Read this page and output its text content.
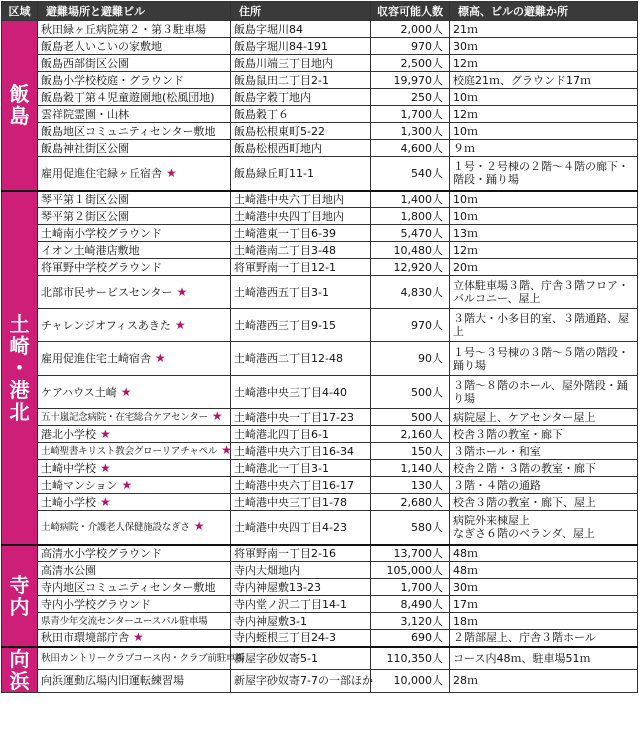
区域	避難場所と避難ビル	住所	収容可能人数	標高、ビルの避難か所
飯
島	秋田緑ヶ丘病院第２・第３駐車場	飯島字堀川84	2,000人	21ｍ
	飯島老人いこいの家敷地	飯島字堀川84-191	970人	30ｍ
	飯島西部街区公園	飯島川端三丁目地内	2,500人	12ｍ
	飯島小学校校庭・グラウンド	飯島鼠田二丁目2-1	19,970人	校庭21ｍ、グラウンド17ｍ
	飯島穀丁第４児童遊園地(松風団地)	飯島字穀丁地内	250人	10ｍ
	雲祥院霊園・山林	飯島穀丁６	1,700人	12ｍ
	飯島地区コミュニティセンター敷地	飯島松根東町5-22	1,300人	10ｍ
	飯島神社街区公園	飯島松根西町地内	4,600人	９ｍ
	雇用促進住宅緑ヶ丘宿舎 ★	飯島緑丘町11-1	540人	１号・２号棟の２階～４階の廊下・階段・踊り場
土
崎
・
港
北	琴平第１街区公園	土崎港中央六丁目地内	1,400人	10ｍ
	琴平第２街区公園	土崎港中央四丁目地内	1,800人	10ｍ
	土崎南小学校グラウンド	土崎港東一丁目6-39	5,470人	13ｍ
	イオン土崎港店敷地	土崎港南二丁目3-48	10,480人	12ｍ
	将軍野中学校グラウンド	将軍野南一丁目12-1	12,920人	20ｍ
	北部市民サービスセンター ★	土崎港西五丁目3-1	4,830人	立体駐車場３階、庁舎３階フロア・バルコニー、屋上
	チャレンジオフィスあきた ★	土崎港西三丁目9-15	970人	３階大・小多目的室、３階通路、屋上
	雇用促進住宅土崎宿舎 ★	土崎港西二丁目12-48	90人	１号～３号棟の３階～５階の階段・踊り場
	ケアハウス土崎 ★	土崎港中央三丁目4-40	500人	３階～８階のホール、屋外階段・踊り場
	五十嵐記念病院・在宅総合ケアセンター ★	土崎港中央一丁目17-23	500人	病院屋上、ケアセンター屋上
	港北小学校 ★	土崎港北四丁目6-1	2,160人	校舎３階の教室・廊下
	土崎聖書キリスト教会グローリアチャペル ★	土崎港中央六丁目16-34	150人	３階ホール・和室
	土崎中学校 ★	土崎港北一丁目3-1	1,140人	校舎２階・３階の教室・廊下
	土崎マンション ★	土崎港中央六丁目16-17	130人	３階・４階の通路
	土崎小学校 ★	土崎港中央三丁目1-78	2,680人	校舎３階の教室・廊下、屋上
	土崎病院・介護老人保健施設なぎさ ★	土崎港中央四丁目4-23	580人	病院外来棟屋上
なぎさ６階のベランダ、屋上
寺
内	高清水小学校グラウンド	将軍野南一丁目2-16	13,700人	48ｍ
	高清水公園	寺内大畑地内	105,000人	48ｍ
	寺内地区コミュニティセンター敷地	寺内神屋敷13-23	1,700人	30ｍ
	寺内小学校グラウンド	寺内堂ノ沢二丁目14-1	8,490人	17ｍ
	県青少年交流センターユースパル駐車場	寺内神屋敷3-1	3,120人	18ｍ
	秋田市環境部庁舎 ★	寺内蛭根三丁目24-3	690人	２階部屋上、庁舎３階ホール
向
浜	秋田カントリークラブコース内・クラブ前駐車場	新屋字砂奴寄5-1	110,350人	コース内48ｍ、駐車場51ｍ
	向浜運動広場内旧運転練習場	新屋字砂奴寄7-7の一部ほか	10,000人	28ｍ
